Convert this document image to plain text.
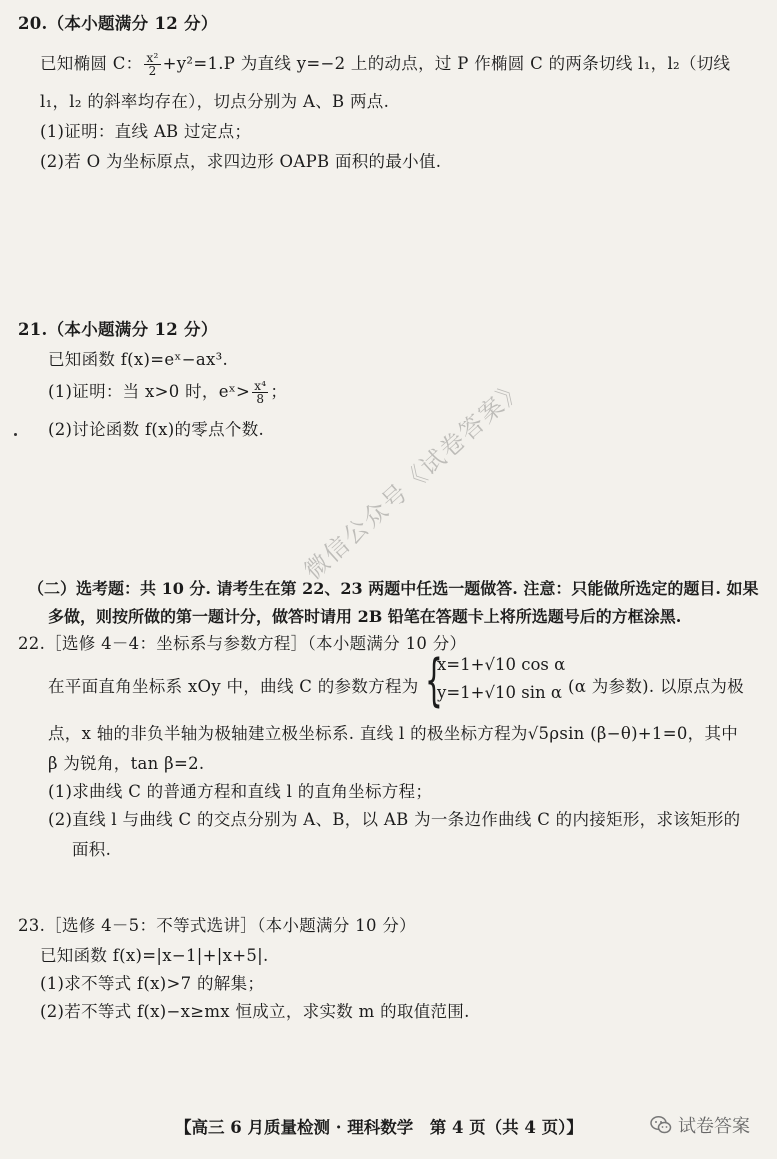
20.（本小题满分 12 分）
已知椭圆 C： $\frac{\text{x²}}{2} +y^2=1.P$ 为直线 y=−2 上的动点，过 P 作椭圆 C 的两条切线 l₁，l₂（切线
l₁，l₂ 的斜率均存在），切点分别为 A、B 两点.
(1)证明：直线 AB 过定点；
(2)若 O 为坐标原点，求四边形 OAPB 面积的最小值.
21.（本小题满分 12 分）
已知函数 f(x)=eˣ−ax³.
(1)证明：当 x>0 时，eˣ> $\frac{\text{x⁴}}{8}$ ；
(2)讨论函数 f(x)的零点个数.
（二）选考题：共 10 分. 请考生在第 22、23 两题中任选一题做答. 注意：只能做所选定的题目. 如果
多做，则按所做的第一题计分，做答时请用 2B 铅笔在答题卡上将所选题号后的方框涂黑.
22.［选修 4－4：坐标系与参数方程］（本小题满分 10 分）
在平面直角坐标系 xOy 中，曲线 C 的参数方程为 {
x=1+√10 cos α
y=1+√10 sin α (α 为参数). 以原点为极
点，x 轴的非负半轴为极轴建立极坐标系. 直线 l 的极坐标方程为√5ρsin (β−θ)+1=0，其中
β 为锐角，tan β=2.
(1)求曲线 C 的普通方程和直线 l 的直角坐标方程；
(2)直线 l 与曲线 C 的交点分别为 A、B，以 AB 为一条边作曲线 C 的内接矩形，求该矩形的
面积.
23.［选修 4－5：不等式选讲］（本小题满分 10 分）
已知函数 f(x)=|x−1|+|x+5|.
(1)求不等式 f(x)>7 的解集；
(2)若不等式 f(x)−x≥mx 恒成立，求实数 m 的取值范围.
微信公众号《试卷答案》
【高三 6 月质量检测 · 理科数学　第 4 页（共 4 页）】	试卷答案
